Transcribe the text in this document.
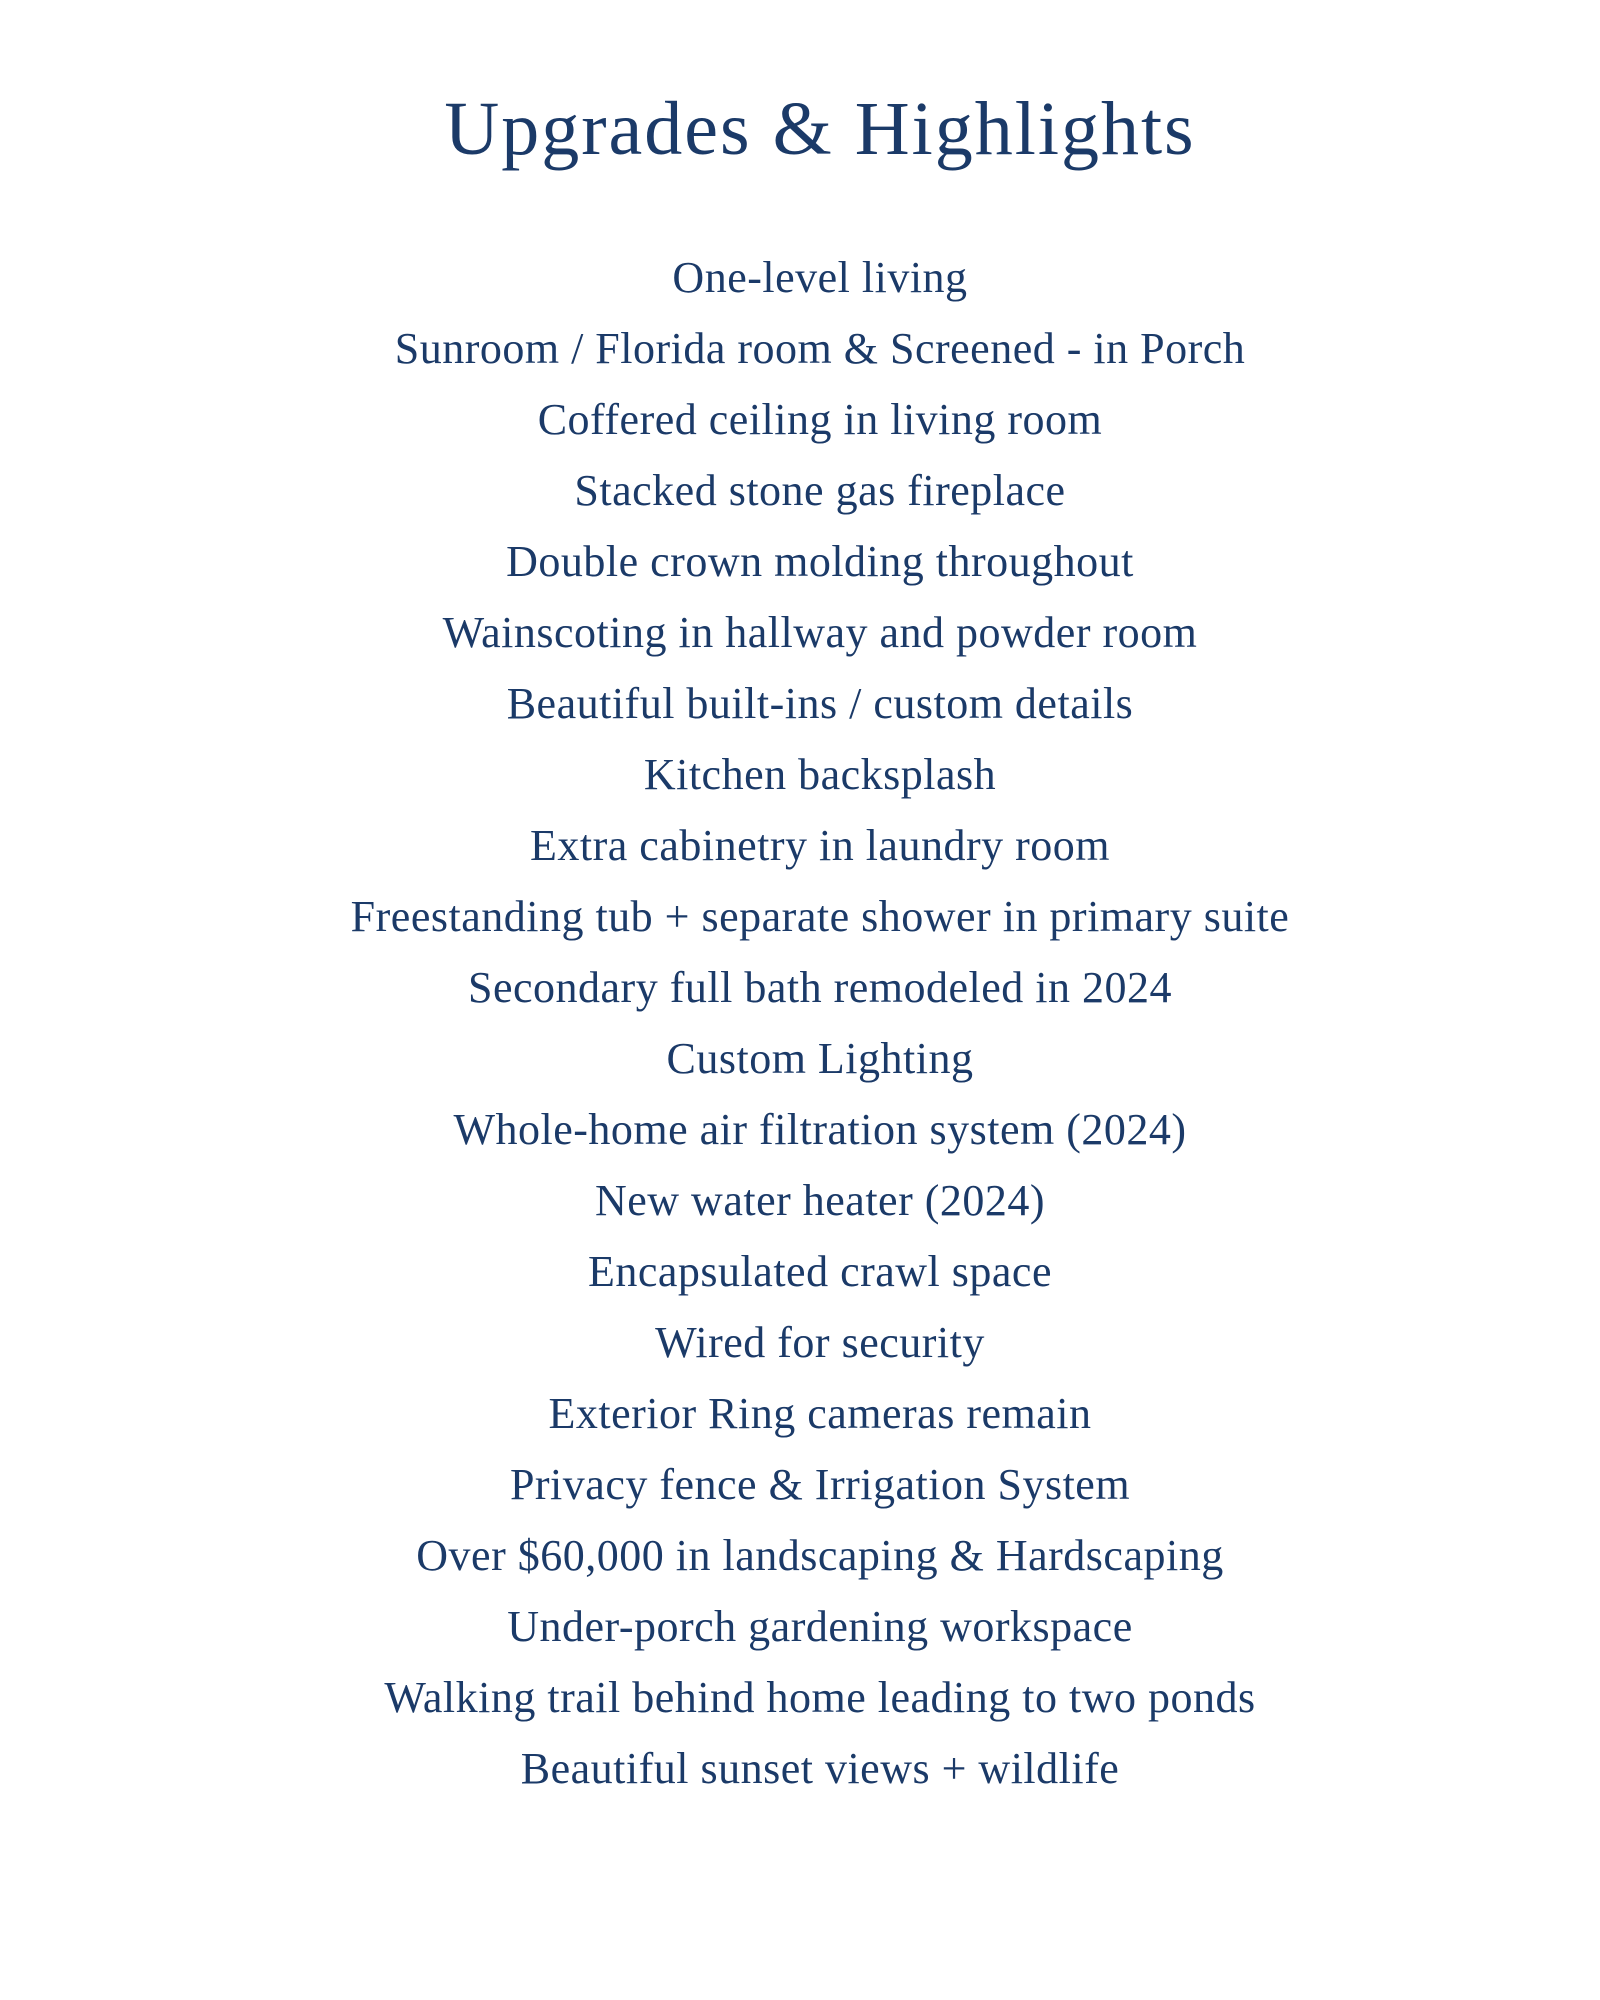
Upgrades & Highlights
One-level living
Sunroom / Florida room & Screened - in Porch
Coffered ceiling in living room
Stacked stone gas fireplace
Double crown molding throughout
Wainscoting in hallway and powder room
Beautiful built-ins / custom details
Kitchen backsplash
Extra cabinetry in laundry room
Freestanding tub + separate shower in primary suite
Secondary full bath remodeled in 2024
Custom Lighting
Whole-home air filtration system (2024)
New water heater (2024)
Encapsulated crawl space
Wired for security
Exterior Ring cameras remain
Privacy fence & Irrigation System
Over $60,000 in landscaping & Hardscaping
Under-porch gardening workspace
Walking trail behind home leading to two ponds
Beautiful sunset views + wildlife
